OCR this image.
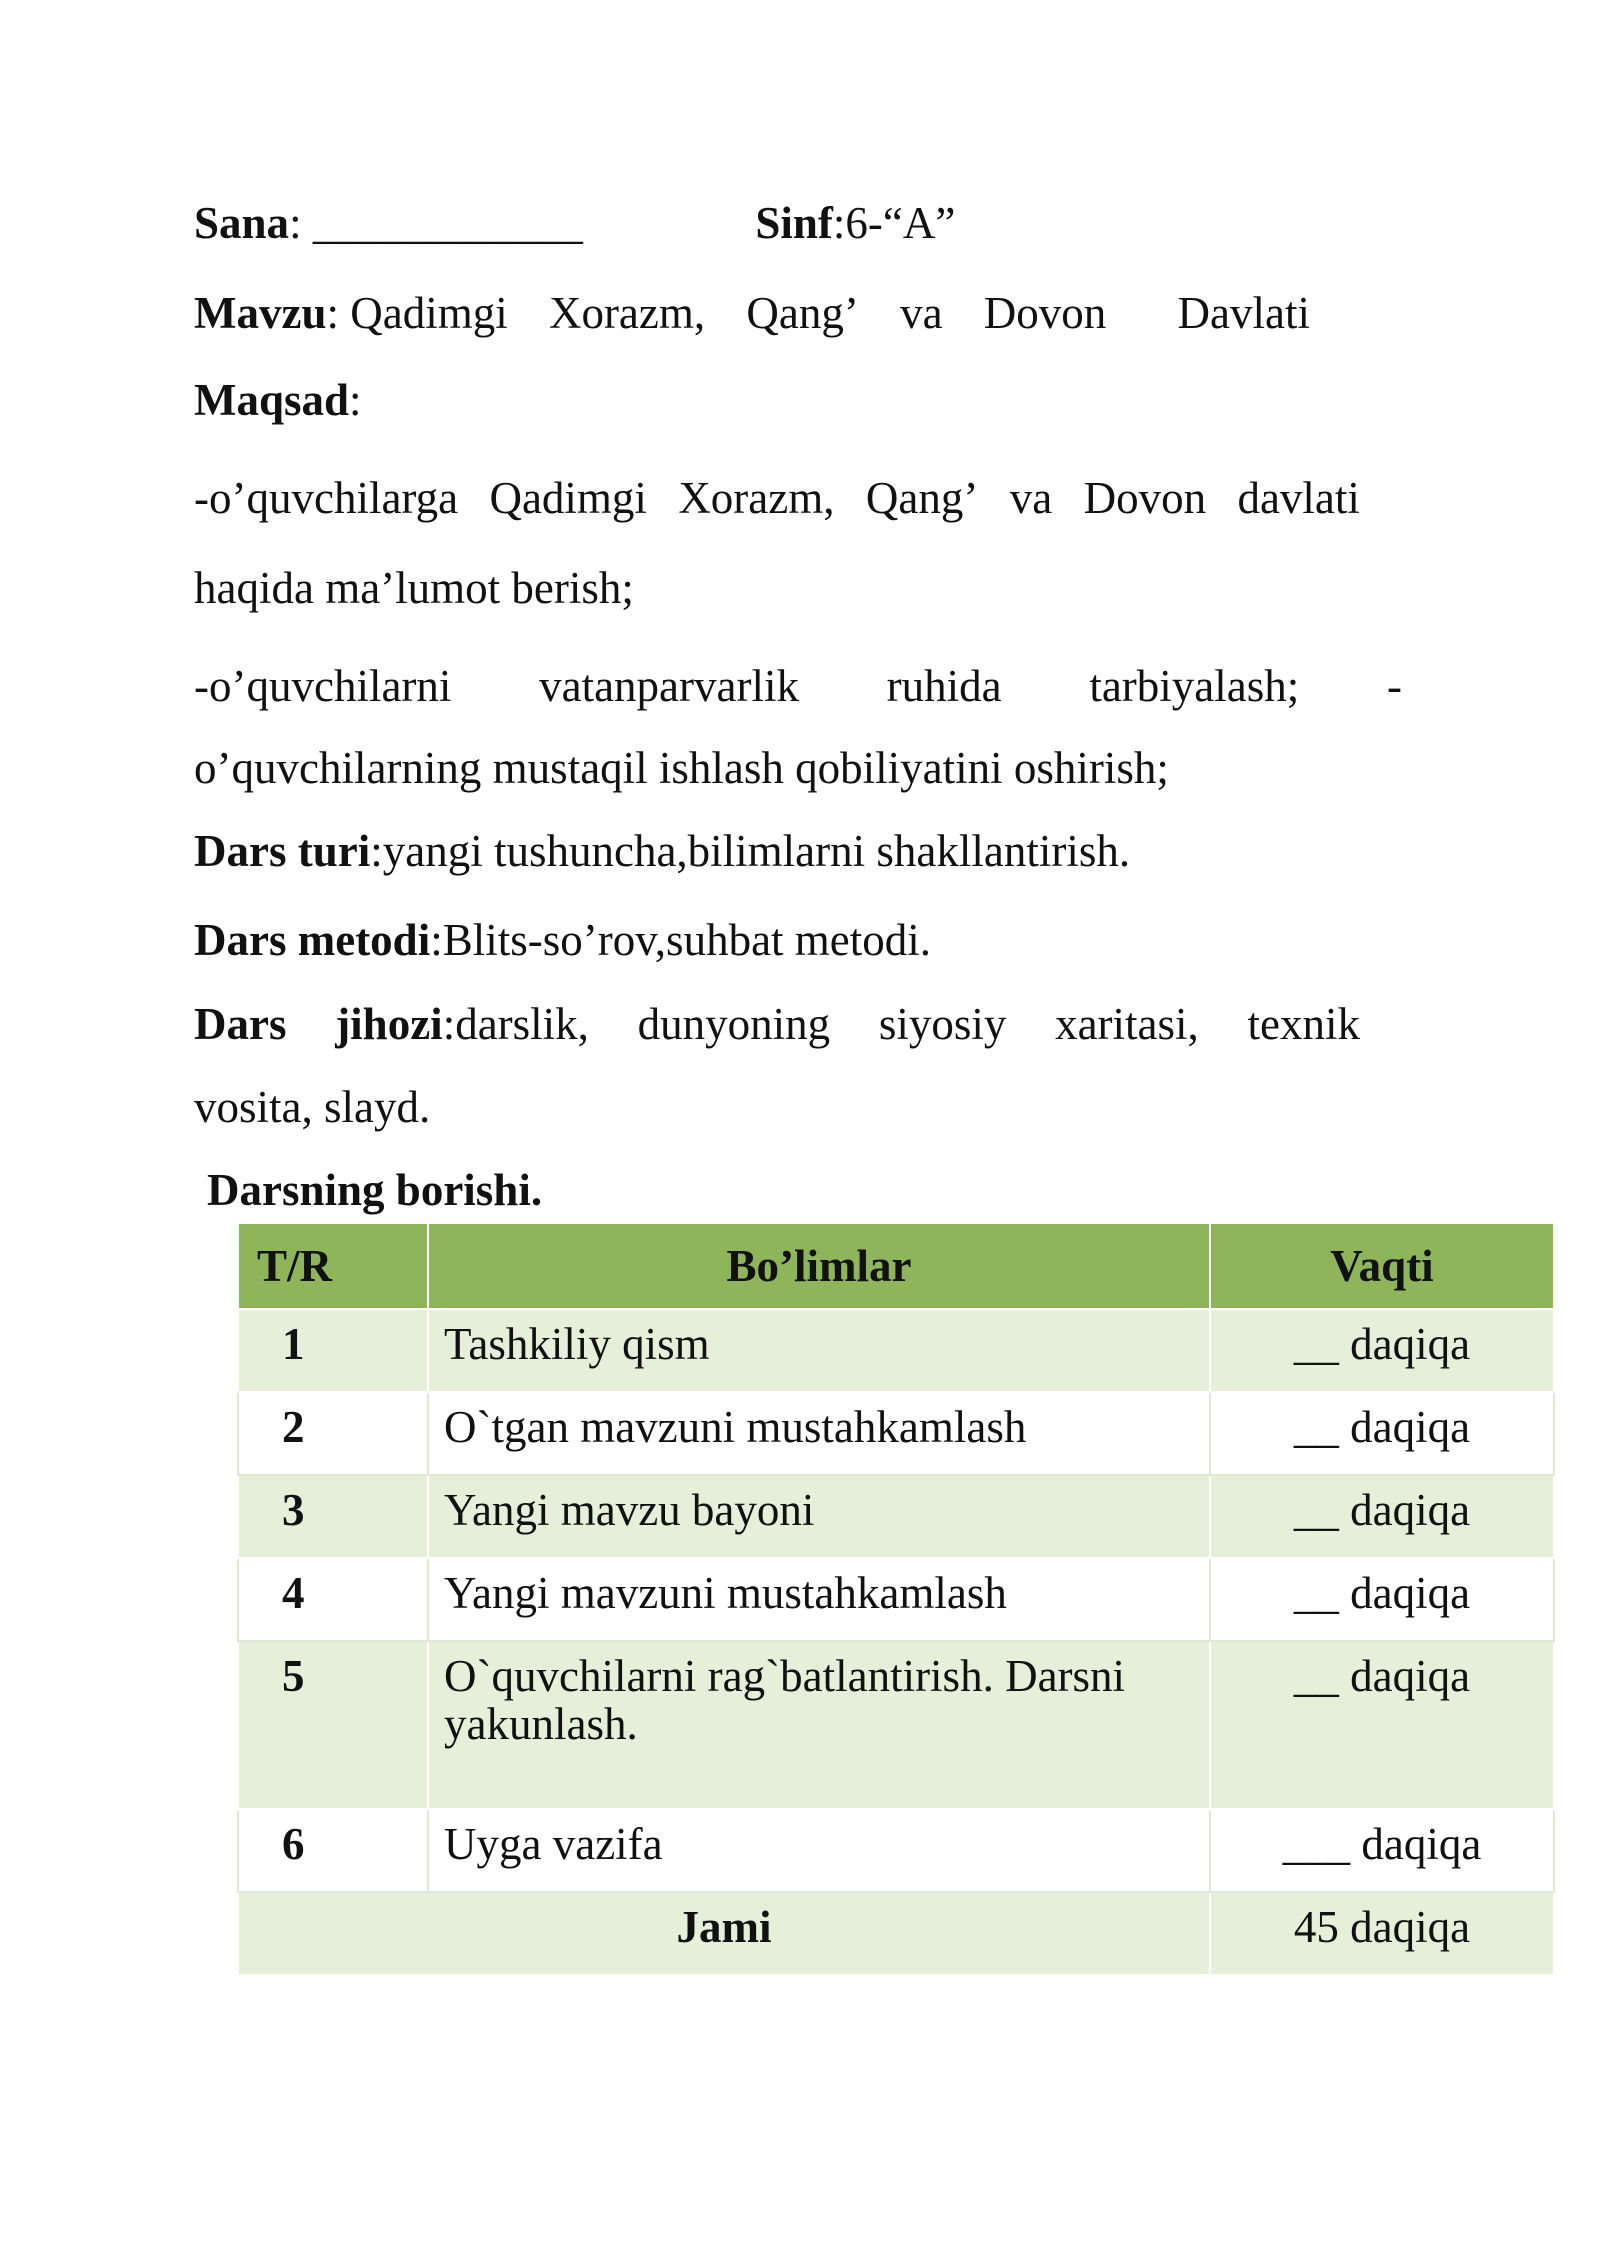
Sana: ____________	Sinf:6-“A”
Mavzu: Qadimgi Xorazm, Qang’ va Dovon Davlati
Maqsad:
-o’quvchilarga Qadimgi Xorazm, Qang’ va Dovon davlati
haqida ma’lumot berish;
-o’quvchilarni vatanparvarlik ruhida tarbiyalash; -
o’quvchilarning mustaqil ishlash qobiliyatini oshirish;
Dars turi:yangi tushuncha,bilimlarni shakllantirish.
Dars metodi:Blits-so’rov,suhbat metodi.
Dars jihozi:darslik, dunyoning siyosiy xaritasi, texnik
vosita, slayd.
Darsning borishi.
T/R	Bo’limlar	Vaqti
1	Tashkiliy qism	__ daqiqa
2	O`tgan mavzuni mustahkamlash	__ daqiqa
3	Yangi mavzu bayoni	__ daqiqa
4	Yangi mavzuni mustahkamlash	__ daqiqa
5	O`quvchilarni rag`batlantirish. Darsni yakunlash.	__ daqiqa
6	Uyga vazifa	___ daqiqa
Jami		45 daqiqa
